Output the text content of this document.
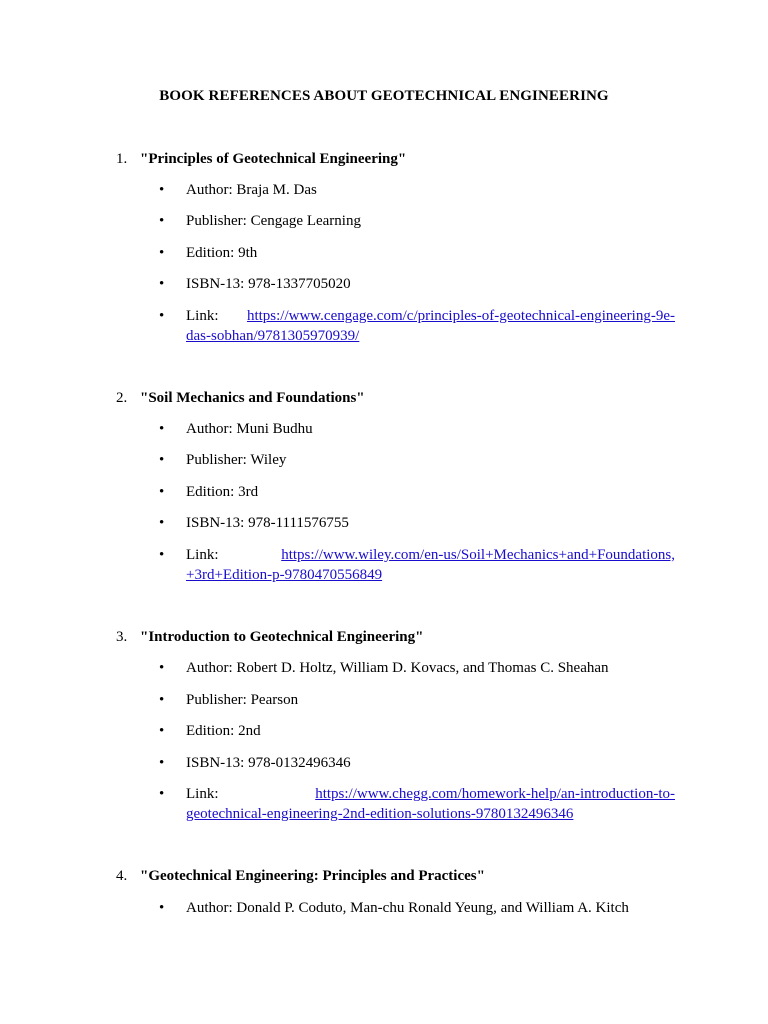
BOOK REFERENCES ABOUT GEOTECHNICAL ENGINEERING
1. "Principles of Geotechnical Engineering"
• Author: Braja M. Das
• Publisher: Cengage Learning
• Edition: 9th
• ISBN-13: 978-1337705020
• Link: https://www.cengage.com/c/principles-of-geotechnical-engineering-9e-
das-sobhan/9781305970939/
2. "Soil Mechanics and Foundations"
• Author: Muni Budhu
• Publisher: Wiley
• Edition: 3rd
• ISBN-13: 978-1111576755
• Link:	https://www.wiley.com/en-us/Soil+Mechanics+and+Foundations,
+3rd+Edition-p-9780470556849
3. "Introduction to Geotechnical Engineering"
• Author: Robert D. Holtz, William D. Kovacs, and Thomas C. Sheahan
• Publisher: Pearson
• Edition: 2nd
• ISBN-13: 978-0132496346
• Link:	https://www.chegg.com/homework-help/an-introduction-to-
geotechnical-engineering-2nd-edition-solutions-9780132496346
4. "Geotechnical Engineering: Principles and Practices"
• Author: Donald P. Coduto, Man-chu Ronald Yeung, and William A. Kitch
